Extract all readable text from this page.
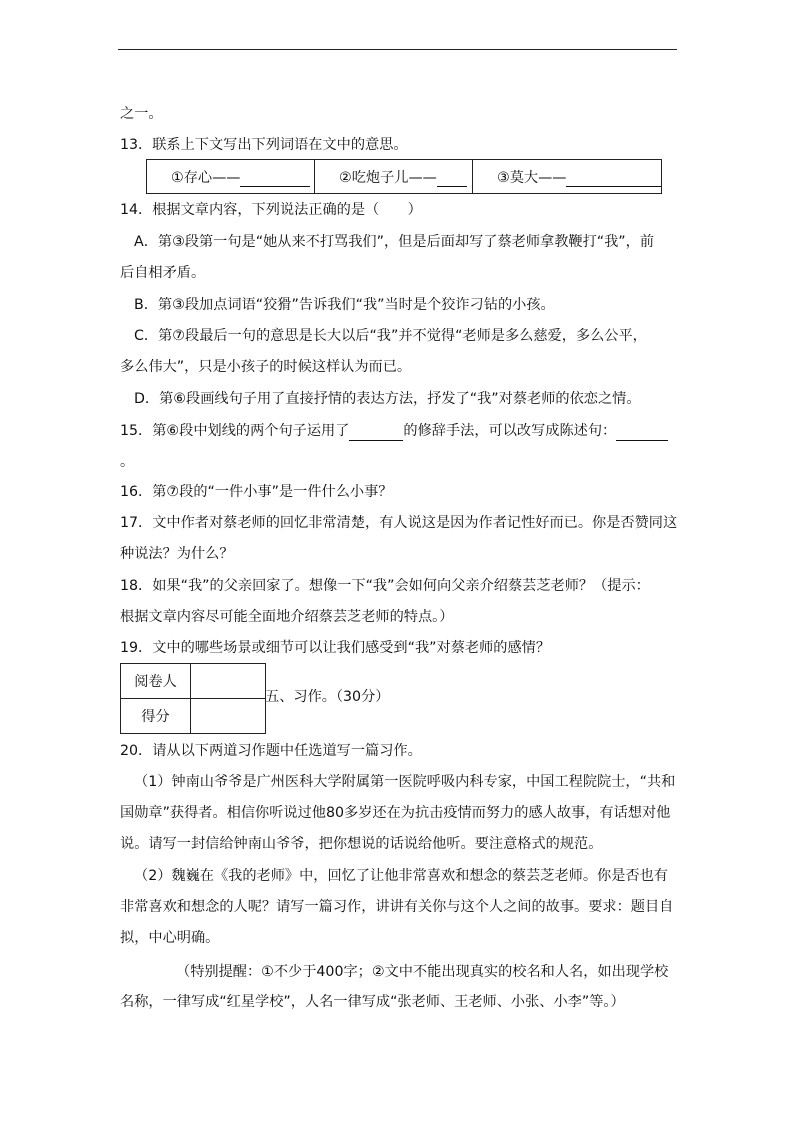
之一。
13．联系上下文写出下列词语在文中的意思。
①存心——	②吃炮子儿——	③莫大——
14．根据文章内容，下列说法正确的是（　　）
A．第③段第一句是“她从来不打骂我们”，但是后面却写了蔡老师拿教鞭打“我”，前
后自相矛盾。
B．第③段加点词语“狡猾”告诉我们“我”当时是个狡诈刁钻的小孩。
C．第⑦段最后一句的意思是长大以后“我”并不觉得“老师是多么慈爱，多么公平，
多么伟大”，只是小孩子的时候这样认为而已。
D．第⑥段画线句子用了直接抒情的表达方法，抒发了“我”对蔡老师的依恋之情。
15．第⑥段中划线的两个句子运用了	的修辞手法，可以改写成陈述句：
。
16．第⑦段的“一件小事”是一件什么小事？
17．文中作者对蔡老师的回忆非常清楚，有人说这是因为作者记性好而已。你是否赞同这
种说法？为什么？
18．如果“我”的父亲回家了。想像一下“我”会如何向父亲介绍蔡芸芝老师？（提示：
根据文章内容尽可能全面地介绍蔡芸芝老师的特点。）
19．文中的哪些场景或细节可以让我们感受到“我”对蔡老师的感情？
阅卷人	
得分	
五、习作。（30分）
20．请从以下两道习作题中任选道写一篇习作。
（1）钟南山爷爷是广州医科大学附属第一医院呼吸内科专家，中国工程院院士，“共和
国勋章”获得者。相信你听说过他80多岁还在为抗击疫情而努力的感人故事，有话想对他
说。请写一封信给钟南山爷爷，把你想说的话说给他听。要注意格式的规范。
（2）魏巍在《我的老师》中，回忆了让他非常喜欢和想念的蔡芸芝老师。你是否也有
非常喜欢和想念的人呢？请写一篇习作，讲讲有关你与这个人之间的故事。要求：题目自
拟，中心明确。
（特别提醒：①不少于400字；②文中不能出现真实的校名和人名，如出现学校
名称，一律写成“红星学校”，人名一律写成“张老师、王老师、小张、小李”等。）
